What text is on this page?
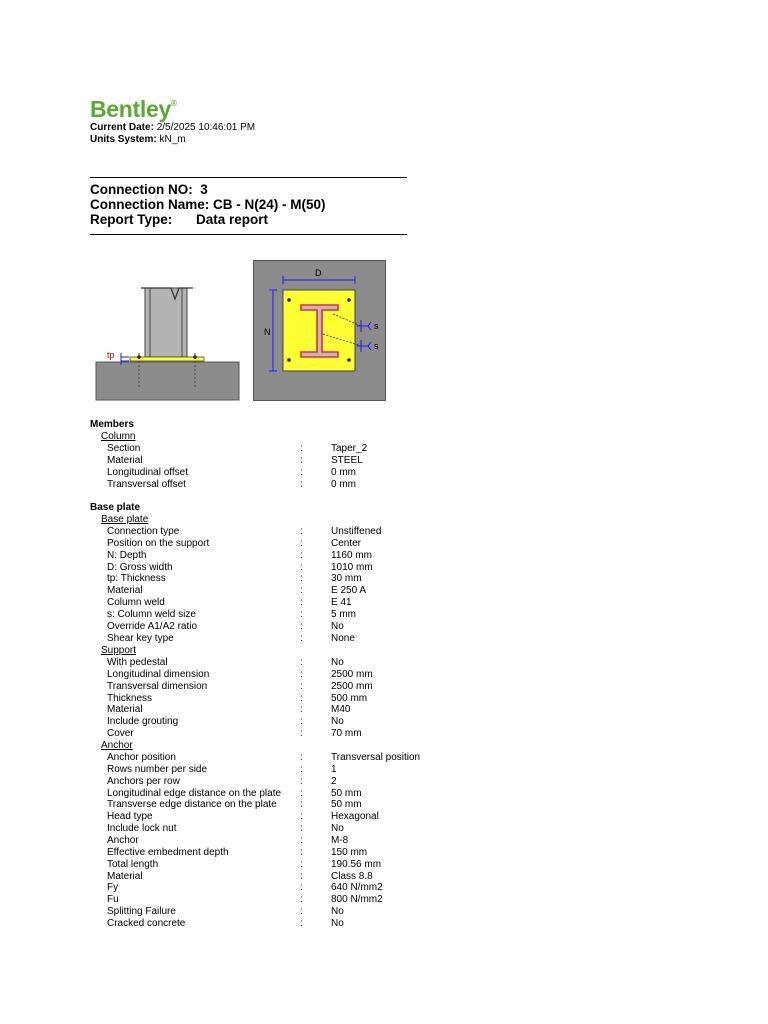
Bentley®
Current Date: 2/5/2025 10:46:01 PM
Units System: kN_m
Connection NO: 3
Connection Name: CB - N(24) - M(50)
Report Type: Data report
tp
D
N
s
s
Members
Column
Base plate
Base plate
Support
Anchor
Section	:	Taper_2
Material	:	STEEL
Longitudinal offset	:	0 mm
Transversal offset	:	0 mm
Connection type	:	Unstiffened
Position on the support	:	Center
N: Depth	:	1160 mm
D: Gross width	:	1010 mm
tp: Thickness	:	30 mm
Material	:	E 250 A
Column weld	:	E 41
s: Column weld size	:	5 mm
Override A1/A2 ratio	:	No
Shear key type	:	None
With pedestal	:	No
Longitudinal dimension	:	2500 mm
Transversal dimension	:	2500 mm
Thickness	:	500 mm
Material	:	M40
Include grouting	:	No
Cover	:	70 mm
Anchor position	:	Transversal position
Rows number per side	:	1
Anchors per row	:	2
Longitudinal edge distance on the plate :	50 mm
Transverse edge distance on the plate :	50 mm
Head type	:	Hexagonal
Include lock nut	:	No
Anchor	:	M-8
Effective embedment depth	:	150 mm
Total length	:	190.56 mm
Material	:	Class 8.8
Fy	:	640 N/mm2
Fu	:	800 N/mm2
Splitting Failure	:	No
Cracked concrete	:	No
